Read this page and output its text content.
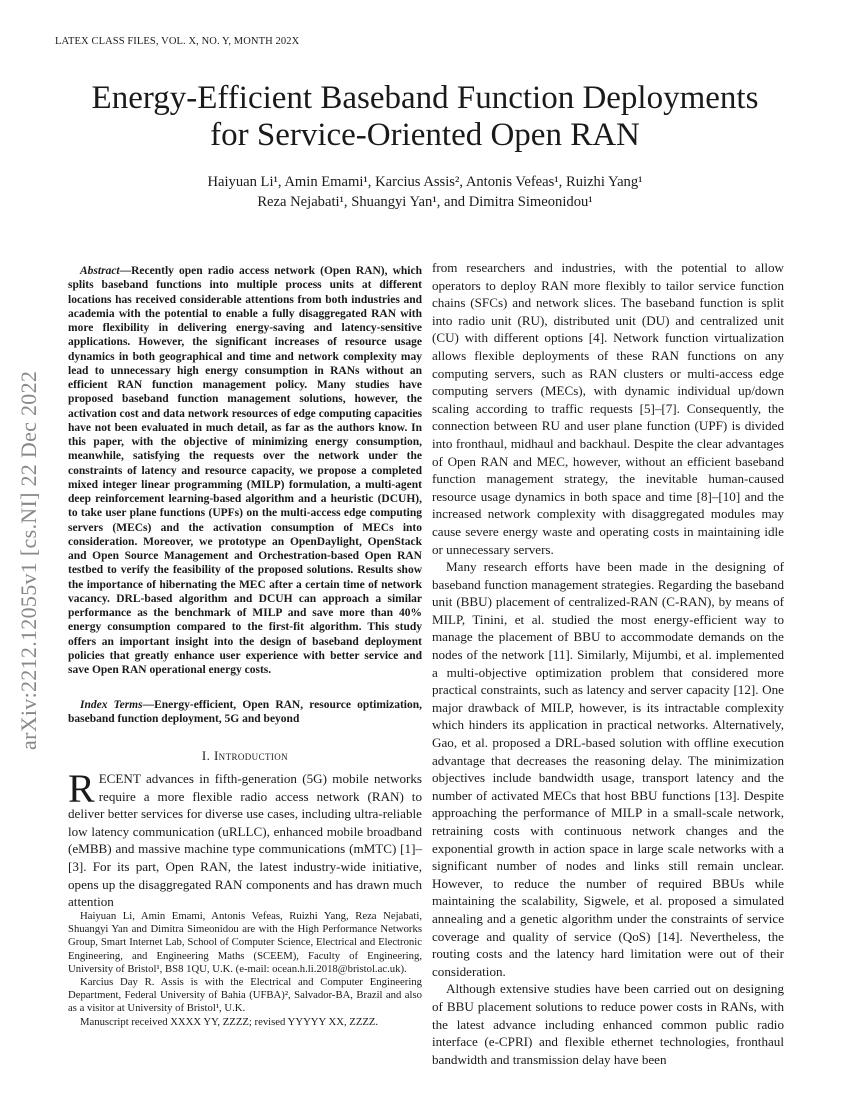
LATEX CLASS FILES, VOL. X, NO. Y, MONTH 202X
arXiv:2212.12055v1 [cs.NI] 22 Dec 2022
Energy-Efficient Baseband Function Deployments
for Service-Oriented Open RAN
Haiyuan Li¹, Amin Emami¹, Karcius Assis², Antonis Vefeas¹, Ruizhi Yang¹
Reza Nejabati¹, Shuangyi Yan¹, and Dimitra Simeonidou¹
Abstract—Recently open radio access network (Open RAN), which splits baseband functions into multiple process units at different locations has received considerable attentions from both industries and academia with the potential to enable a fully disaggregated RAN with more flexibility in delivering energy-saving and latency-sensitive applications. However, the significant increases of resource usage dynamics in both geographical and time and network complexity may lead to unnecessary high energy consumption in RANs without an efficient RAN function management policy. Many studies have proposed baseband function management solutions, however, the activation cost and data network resources of edge computing capacities have not been evaluated in much detail, as far as the authors know. In this paper, with the objective of minimizing energy consumption, meanwhile, satisfying the requests over the network under the constraints of latency and resource capacity, we propose a completed mixed integer linear programming (MILP) formulation, a multi-agent deep reinforcement learning-based algorithm and a heuristic (DCUH), to take user plane functions (UPFs) on the multi-access edge computing servers (MECs) and the activation consumption of MECs into consideration. Moreover, we prototype an OpenDaylight, OpenStack and Open Source Management and Orchestration-based Open RAN testbed to verify the feasibility of the proposed solutions. Results show the importance of hibernating the MEC after a certain time of network vacancy. DRL-based algorithm and DCUH can approach a similar performance as the benchmark of MILP and save more than 40% energy consumption compared to the first-fit algorithm. This study offers an important insight into the design of baseband deployment policies that greatly enhance user experience with better service and save Open RAN operational energy costs.
Index Terms—Energy-efficient, Open RAN, resource optimization, baseband function deployment, 5G and beyond
I. Introduction
RECENT advances in fifth-generation (5G) mobile networks require a more flexible radio access network (RAN) to deliver better services for diverse use cases, including ultra-reliable low latency communication (uRLLC), enhanced mobile broadband (eMBB) and massive machine type communications (mMTC) [1]–[3]. For its part, Open RAN, the latest industry-wide initiative, opens up the disaggregated RAN components and has drawn much attention

Haiyuan Li, Amin Emami, Antonis Vefeas, Ruizhi Yang, Reza Nejabati, Shuangyi Yan and Dimitra Simeonidou are with the High Performance Networks Group, Smart Internet Lab, School of Computer Science, Electrical and Electronic Engineering, and Engineering Maths (SCEEM), Faculty of Engineering, University of Bristol¹, BS8 1QU, U.K. (e-mail: ocean.h.li.2018@bristol.ac.uk).

Karcius Day R. Assis is with the Electrical and Computer Engineering Department, Federal University of Bahia (UFBA)², Salvador-BA, Brazil and also as a visitor at University of Bristol¹, U.K.

Manuscript received XXXX YY, ZZZZ; revised YYYYY XX, ZZZZ.

from researchers and industries, with the potential to allow operators to deploy RAN more flexibly to tailor service function chains (SFCs) and network slices. The baseband function is split into radio unit (RU), distributed unit (DU) and centralized unit (CU) with different options [4]. Network function virtualization allows flexible deployments of these RAN functions on any computing servers, such as RAN clusters or multi-access edge computing servers (MECs), with dynamic individual up/down scaling according to traffic requests [5]–[7]. Consequently, the connection between RU and user plane function (UPF) is divided into fronthaul, midhaul and backhaul. Despite the clear advantages of Open RAN and MEC, however, without an efficient baseband function management strategy, the inevitable human-caused resource usage dynamics in both space and time [8]–[10] and the increased network complexity with disaggregated modules may cause severe energy waste and operating costs in maintaining idle or unnecessary servers.

Many research efforts have been made in the designing of baseband function management strategies. Regarding the baseband unit (BBU) placement of centralized-RAN (C-RAN), by means of MILP, Tinini, et al. studied the most energy-efficient way to manage the placement of BBU to accommodate demands on the nodes of the network [11]. Similarly, Mijumbi, et al. implemented a multi-objective optimization problem that considered more practical constraints, such as latency and server capacity [12]. One major drawback of MILP, however, is its intractable complexity which hinders its application in practical networks. Alternatively, Gao, et al. proposed a DRL-based solution with offline execution advantage that decreases the reasoning delay. The minimization objectives include bandwidth usage, transport latency and the number of activated MECs that host BBU functions [13]. Despite approaching the performance of MILP in a small-scale network, retraining costs with continuous network changes and the exponential growth in action space in large scale networks with a significant number of nodes and links still remain unclear. However, to reduce the number of required BBUs while maintaining the scalability, Sigwele, et al. proposed a simulated annealing and a genetic algorithm under the constraints of service coverage and quality of service (QoS) [14]. Nevertheless, the routing costs and the latency hard limitation were out of their consideration.

Although extensive studies have been carried out on designing of BBU placement solutions to reduce power costs in RANs, with the latest advance including enhanced common public radio interface (e-CPRI) and flexible ethernet technologies, fronthaul bandwidth and transmission delay have been
